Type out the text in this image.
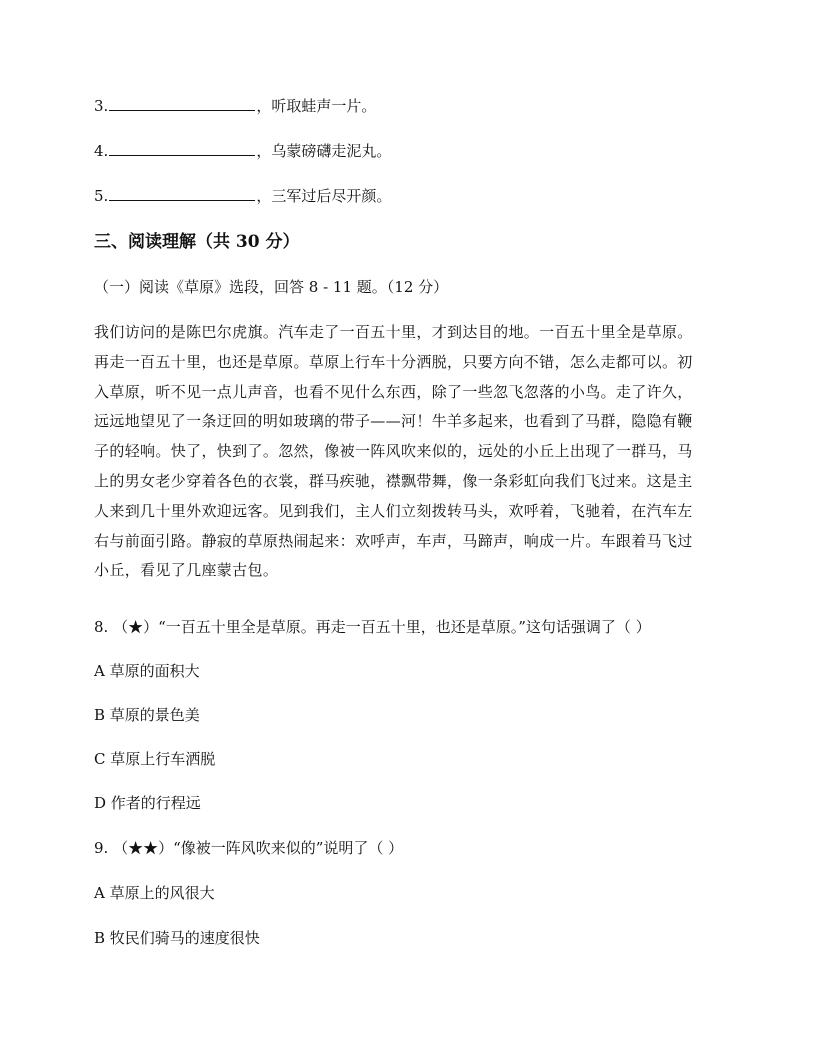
3.	，听取蛙声一片。
4.	，乌蒙磅礴走泥丸。
5.	，三军过后尽开颜。
三、阅读理解（共 30 分）
（一）阅读《草原》选段，回答 8 - 11 题。（12 分）
我们访问的是陈巴尔虎旗。汽车走了一百五十里，才到达目的地。一百五十里全是草原。
再走一百五十里，也还是草原。草原上行车十分洒脱，只要方向不错，怎么走都可以。初
入草原，听不见一点儿声音，也看不见什么东西，除了一些忽飞忽落的小鸟。走了许久，
远远地望见了一条迂回的明如玻璃的带子——河！牛羊多起来，也看到了马群，隐隐有鞭
子的轻响。快了，快到了。忽然，像被一阵风吹来似的，远处的小丘上出现了一群马，马
上的男女老少穿着各色的衣裳，群马疾驰，襟飘带舞，像一条彩虹向我们飞过来。这是主
人来到几十里外欢迎远客。见到我们，主人们立刻拨转马头，欢呼着，飞驰着，在汽车左
右与前面引路。静寂的草原热闹起来：欢呼声，车声，马蹄声，响成一片。车跟着马飞过
小丘，看见了几座蒙古包。
8. （★）“一百五十里全是草原。再走一百五十里，也还是草原。”这句话强调了（ ）
A 草原的面积大
B 草原的景色美
C 草原上行车洒脱
D 作者的行程远
9. （★★）“像被一阵风吹来似的”说明了（ ）
A 草原上的风很大
B 牧民们骑马的速度很快
